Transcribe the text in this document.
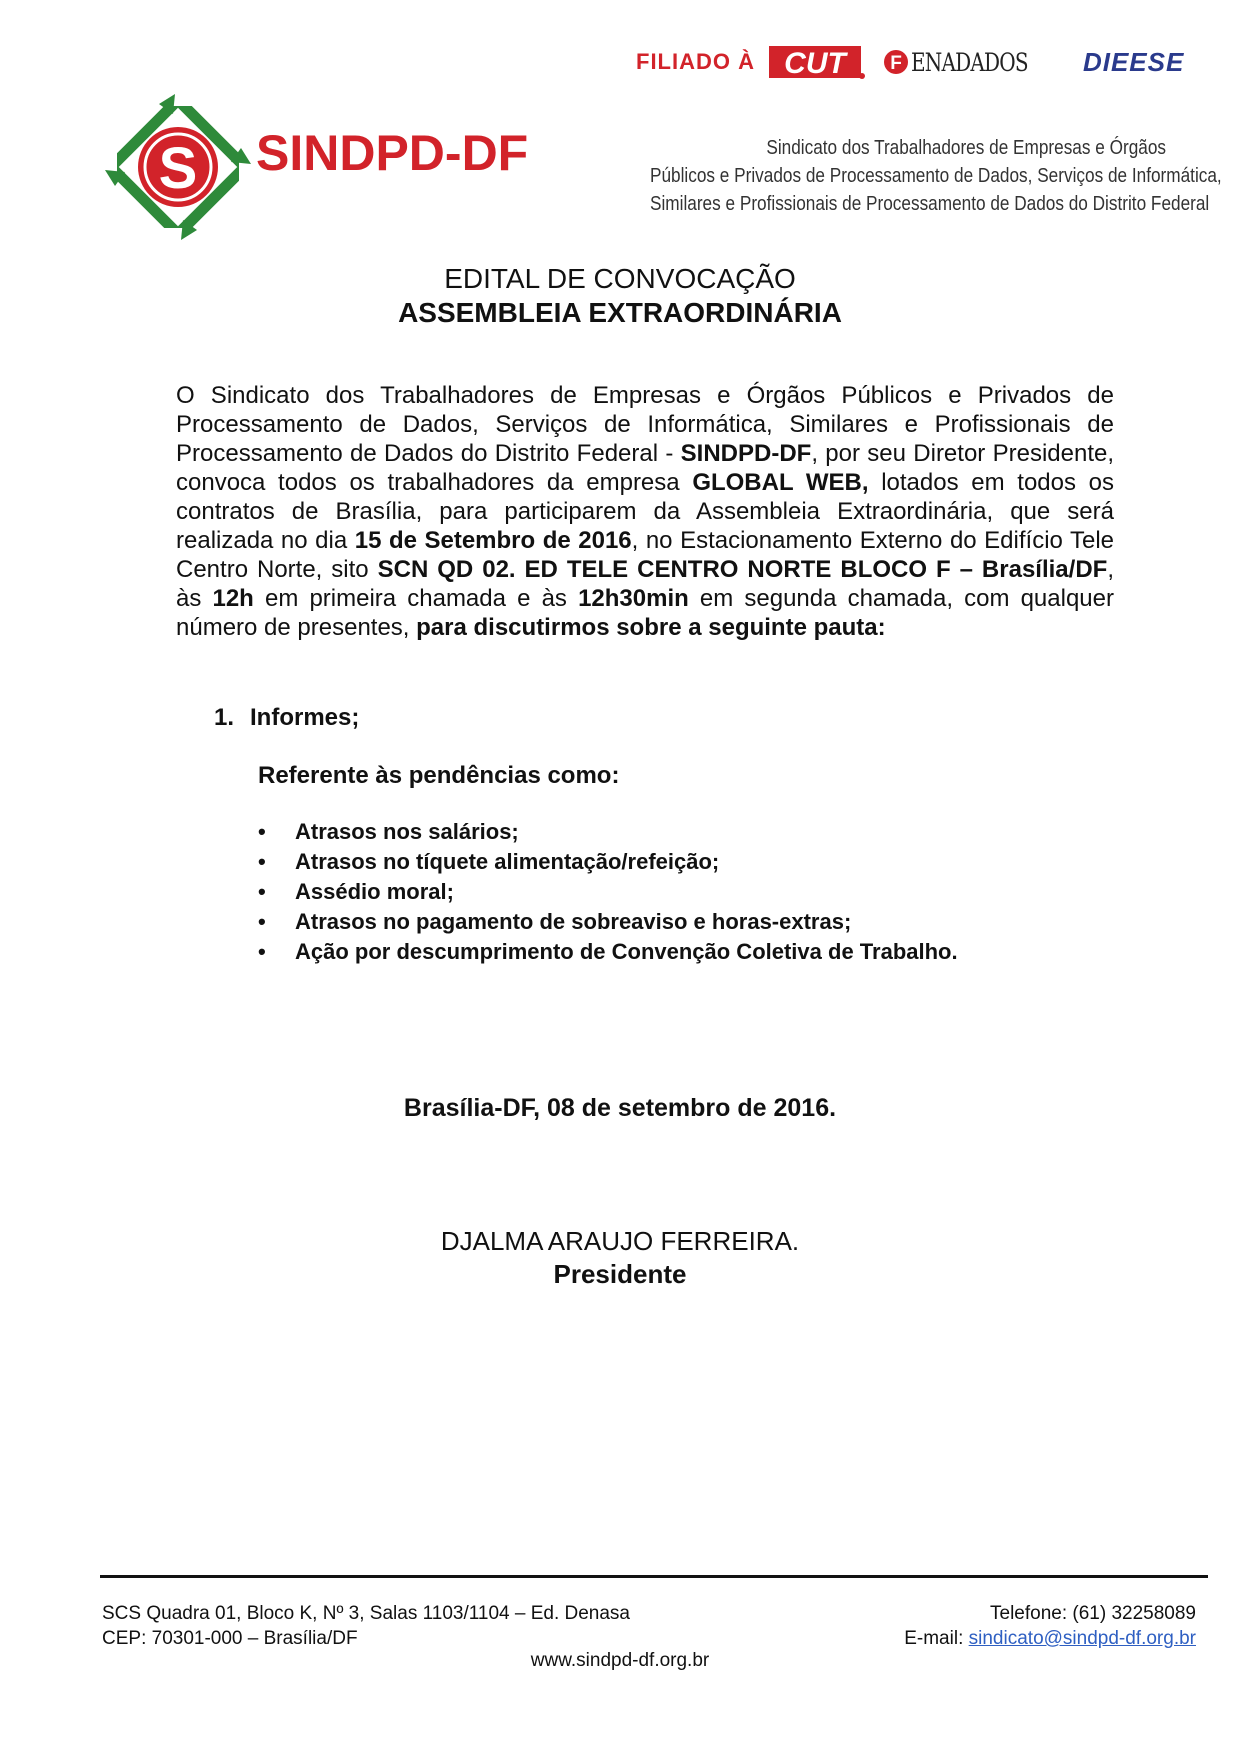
FILIADO À CUT F ENADADOS DIEESE
S SINDPD-DF	Sindicato dos Trabalhadores de Empresas e Órgãos
Públicos e Privados de Processamento de Dados, Serviços de Informática,
Similares e Profissionais de Processamento de Dados do Distrito Federal
EDITAL DE CONVOCAÇÃO
ASSEMBLEIA EXTRAORDINÁRIA
O Sindicato dos Trabalhadores de Empresas e Órgãos Públicos e Privados de Processamento de Dados, Serviços de Informática, Similares e Profissionais de Processamento de Dados do Distrito Federal - SINDPD-DF, por seu Diretor Presidente, convoca todos os trabalhadores da empresa GLOBAL WEB, lotados em todos os contratos de Brasília, para participarem da Assembleia Extraordinária, que será realizada no dia 15 de Setembro de 2016, no Estacionamento Externo do Edifício Tele Centro Norte, sito SCN QD 02. ED TELE CENTRO NORTE BLOCO F – Brasília/DF, às 12h em primeira chamada e às 12h30min em segunda chamada, com qualquer número de presentes, para discutirmos sobre a seguinte pauta:
1. Informes;
Referente às pendências como:
•	Atrasos nos salários;
•	Atrasos no tíquete alimentação/refeição;
•	Assédio moral;
•	Atrasos no pagamento de sobreaviso e horas-extras;
•	Ação por descumprimento de Convenção Coletiva de Trabalho.
Brasília-DF, 08 de setembro de 2016.
DJALMA ARAUJO FERREIRA.
Presidente
SCS Quadra 01, Bloco K, Nº 3, Salas 1103/1104 – Ed. Denasa
CEP: 70301-000 – Brasília/DF
Telefone: (61) 32258089
E-mail: sindicato@sindpd-df.org.br
www.sindpd-df.org.br
